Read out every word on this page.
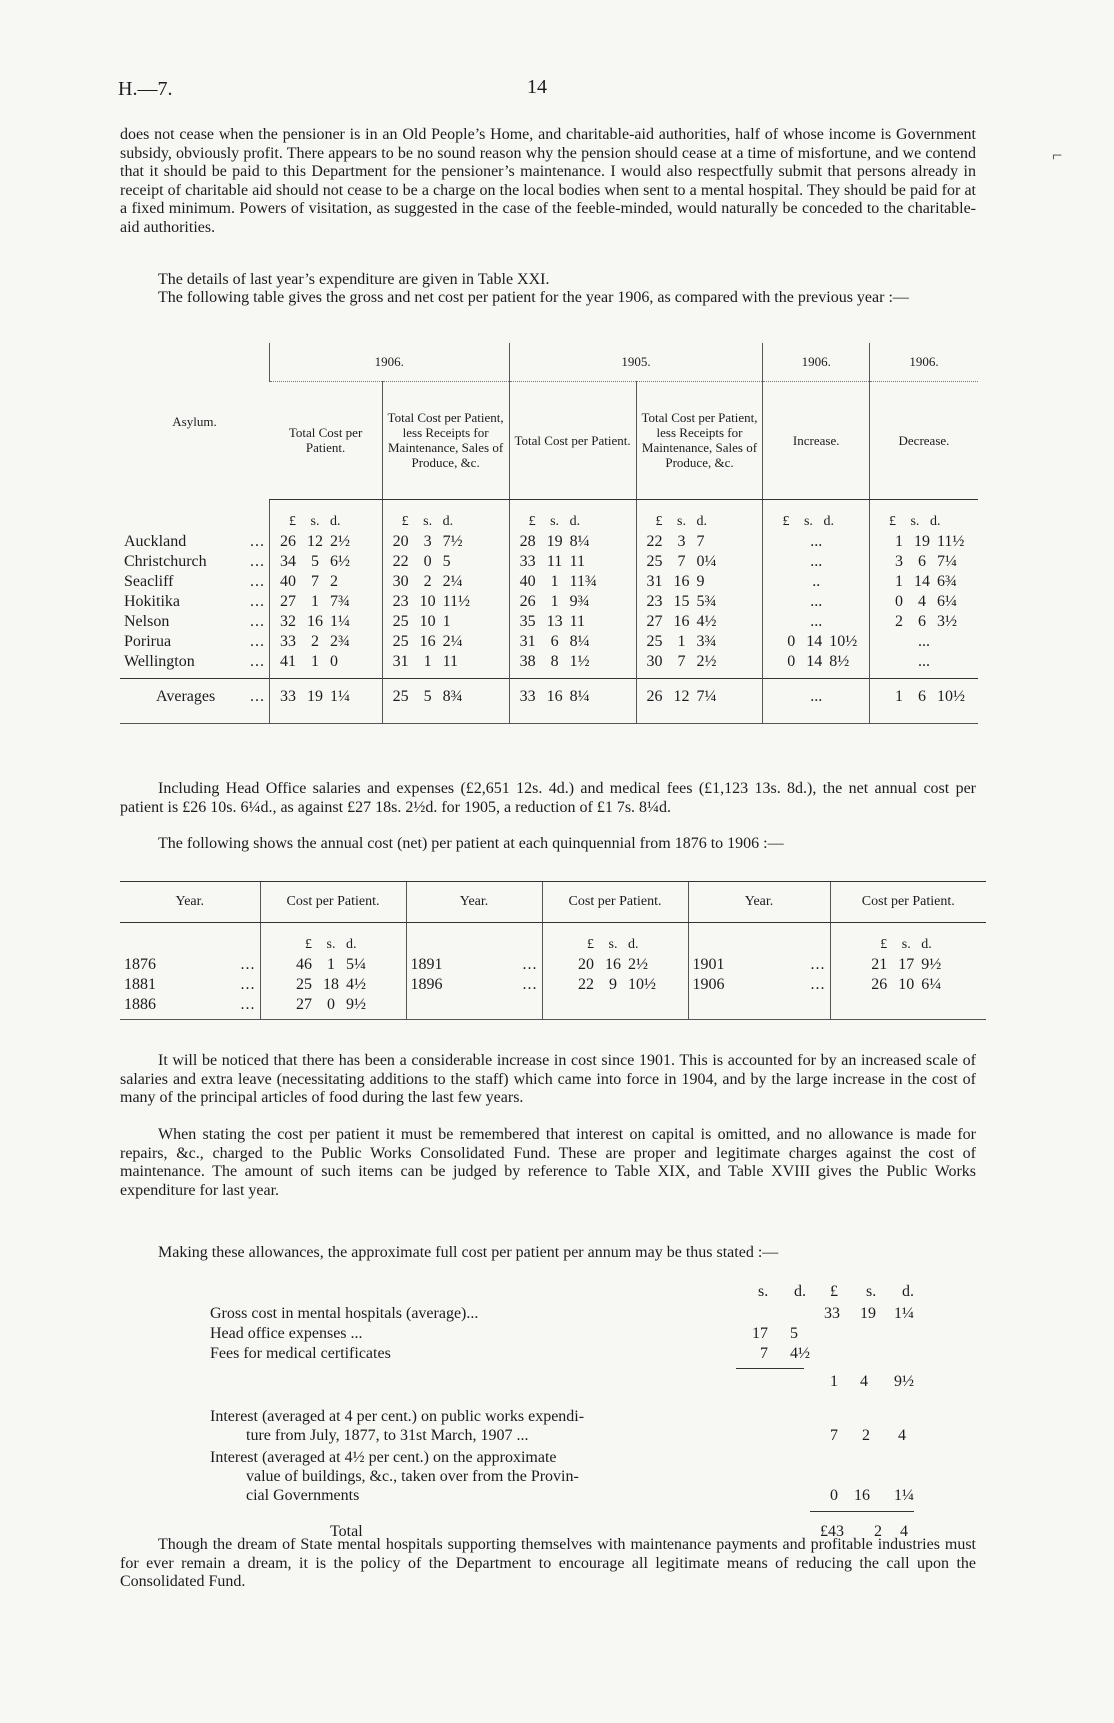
H.—7.	14

does not cease when the pensioner is in an Old People’s Home, and charitable-aid authorities, half of whose income is Government subsidy, obviously profit. There appears to be no sound reason why the pension should cease at a time of misfortune, and we contend that it should be paid to this Department for the pensioner’s maintenance. I would also respectfully submit that persons already in receipt of charitable aid should not cease to be a charge on the local bodies when sent to a mental hospital. They should be paid for at a fixed minimum. Powers of visitation, as suggested in the case of the feeble-minded, would naturally be conceded to the charitable-aid authorities.

The details of last year’s expenditure are given in Table XXI.

The following table gives the gross and net cost per patient for the year 1906, as compared with the previous year :—

Asylum.	1906.		1905.		1906.	1906.
	Total Cost per Patient.	Total Cost per Patient, less Receipts for Maintenance, Sales of Produce, &c.	Total Cost per Patient.	Total Cost per Patient, less Receipts for Maintenance, Sales of Produce, &c.	Increase.	Decrease.

	£ s. d.	£ s. d.	£ s. d.	£ s. d.	£ s. d.	£ s. d.

Auckland ...	26 12 2½	20 3 7½	28 19 8¼	22 3 7	...	1 19 11½

Christchurch ...	34 5 6½	22 0 5	33 11 11	25 7 0¼	...	3 6 7¼

Seacliff ...	40 7 2	30 2 2¼	40 1 11¾	31 16 9	..	1 14 6¾

Hokitika ...	27 1 7¾	23 10 11½	26 1 9¾	23 15 5¾	...	0 4 6¼

Nelson ...	32 16 1¼	25 10 1	35 13 11	27 16 4½	...	2 6 3½

Porirua ...	33 2 2¾	25 16 2¼	31 6 8¼	25 1 3¾	0 14 10½	...
Wellington ...	41 1 0	31 1 11	38 8 1½	30 7 2½	0 14 8½	...
Averages ...	33 19 1¼	25 5 8¾	33 16 8¼	26 12 7¼	...	1 6 10½

Including Head Office salaries and expenses (£2,651 12s. 4d.) and medical fees (£1,123 13s. 8d.), the net annual cost per patient is £26 10s. 6¼d., as against £27 18s. 2½d. for 1905, a reduction of £1 7s. 8¼d.

The following shows the annual cost (net) per patient at each quinquennial from 1876 to 1906 :—

Year.	Cost per Patient.	Year.	Cost per Patient.	Year.	Cost per Patient.

	£ s. d.		£ s. d.		£ s. d.

1876 ...	46 1 5¼	1891 ...	20 16 2½	1901 ...	21 17 9½

1881 ...	25 18 4½	1896 ...	22 9 10½	1906 ...	26 10 6¼

1886 ...	27 0 9½				

It will be noticed that there has been a considerable increase in cost since 1901. This is accounted for by an increased scale of salaries and extra leave (necessitating additions to the staff) which came into force in 1904, and by the large increase in the cost of many of the principal articles of food during the last few years.

When stating the cost per patient it must be remembered that interest on capital is omitted, and no allowance is made for repairs, &c., charged to the Public Works Consolidated Fund. These are proper and legitimate charges against the cost of maintenance. The amount of such items can be judged by reference to Table XIX, and Table XVIII gives the Public Works expenditure for last year.

Making these allowances, the approximate full cost per patient per annum may be thus stated :—

s. d. £ s. d.
Gross cost in mental hospitals (average)...	33 19 1¼
Head office expenses ...	17 5
Fees for medical certificates	7 4½
1 4 9½
Interest (averaged at 4 per cent.) on public works expendi-
ture from July, 1877, to 31st March, 1907 ...	7 2 4
Interest (averaged at 4½ per cent.) on the approximate
value of buildings, &c., taken over from the Provin-
cial Governments	0 16 1¼
Total	£43 2 4

Though the dream of State mental hospitals supporting themselves with maintenance payments and profitable industries must for ever remain a dream, it is the policy of the Department to encourage all legitimate means of reducing the call upon the Consolidated Fund.

⌐
